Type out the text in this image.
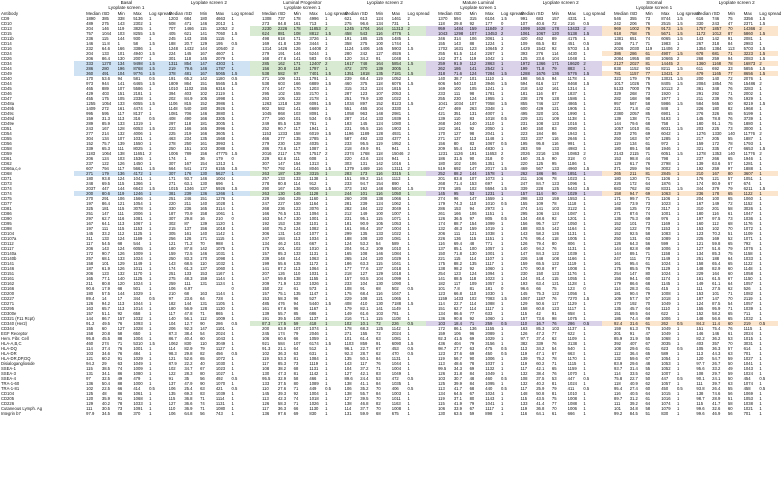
		Basal					Lyoplate screen 2						Luminal Progenitor					Lyoplate screen 2						Mature Luminal					Lyoplate screen 2						Stromal					Lyoplate screen 2				
		Lyoplate screen 1											Lyoplate screen 1											Lyoplate screen 1											Lyoplate screen 1									
Antibody		Median	rSD	Min	Max	Log spread	Median	rSD	Min	Max	Log spread		Median	rSD	Min	Max	Log spread	Median	rSD	Min	Max	Log spread		Median	rSD	Min	Max	Log spread	Median	rSD	Min	Max	Log spread		Median	rSD	Min	Max	Log spread	Median	rSD	Min	Max	Log spread
CD9		1890	385	338	5136	1	1203	684	180	4663	1		1308	737	178	4996	1	621	613	124	1461	2		1370	594	315	6104	1.5	991	683	157	4331	1		546	355	73	8744	1.5	616	746	75	3356	1.5
CD10		489	275	143	2302	1	508	471	146	2013	1		273	84.8	161	713	1	275	96.6	134	731	1		118	29.8	92	177	0	107	40.6	72	216	0.5		242	206	76	2515	1.5	330	243	47	2371	1.5
CD13		204	146	119	3825	1	707	1466	115	12052	2		2230	2226	178	11853	2	1245	1704	164	11313	2		959	1484	159	11849	2	1099	1628	178	13433	2		969	1002	79	9173	1.5	1757	1857	70	14366	2
CD15		757	1044	103	8255	1.5	405	621	141	7050	1.5		624	881	108	8812	1.5	458	543	116	4776	1		1043	1298	107	13453	2	1061	1067	120	5138	1.5		618	758	75	5671	1.5	1172	1012	87	5860	1.5
CD11b		236	115	144	930	1	245	143	155	1115	1		498	618	171	3726	1	191	185	125	1485	1		346	314	106	3061	1	420	452	89	4175	1		1381	651	74	6065	1.5	143	142	91	2081	1
CD14		146	11.8	1	58	1.5	188	20.7	129	195	0.5		169	41.8	139	3444	1	358	275	100	1744	1		155	143	88	1224	1	109	65.5	82	451	0.5		156	71.7	71	1983	1	267	318	84	2983	1
CD16		232	64.6	166	3386	1	1248	1432	144	10540	2		1314	1426	126	14408	2	1124	1406	145	5903	1.5		1702	1631	123	10645	2	1429	1542	92	5703	1.5		2026	2030	119	11406	2	1354	1384	113	5703	1.5
CD24		204	133	101	4940	1.5	224	145	167	4607	1		279	191	144	5244	1	280	242	127	4926	1		255	61.5	114	2267	1	393	276	114	4430	1		386	286	61	4907	1.5	678	681	71	3223	1.5
CD26		206	86.4	130	2007	1	301	118	145	2079	1		168	47.6	141	583	0.5	120	34.2	91	1048	1		142	37.1	119	1042	1	125	23.6	104	1048	1		2084	1955	80	10665	2	268	259	94	2083	1.5
CD34		333	1270	134	9498	1.5	1311	854	147	4303	1		285	162	171	12407	2	1617	748	164	5854	1.5		259	91.9	112	2863	1	1972	1366	171	18620	2		2127	2027	81	14445	2	1360	1168	78	16873	2
CD44		286	280	196	8768	1.5	219	79.6	146	1787	1		156	30.8	119	1797	1	472	370	139	3005	1		262	186	141	2542	1	199	71.8	79	883	1		838	1152	93	8211	1.5	611	692	33	5855	1.5
CD49		360	491	104	9776	1.5	378	481	167	5065	1.5		538	582	97	7401	1.5	1351	1818	135	7181	1.5		318	71.6	124	7284	1.5	1288	1676	136	5776	1.5		781	1157	77	13421	2	479	1165	77	8656	1.5
CD40		170	53.6	94	581	0.5	191	65.2	142	1180	0.5		271	109	131	1791	1	239	68.4	119	1052	1		140	38.7	101	1110	1	198	56.5	94	1178	1		323	179	79	13021	1.5	200	140	72	2076	1
CD44		973	944	141	6465	1.5	1809	864	151	5565	1.5		538	603	166	6889	1.5	460	375	118	6076	1.5		606	540	110	3946	1.5	594	616	117	8468	1.5		1017	1026	75	8405	1.5	2084	1854	76	15486	2
CD45		465	889	107	5586	1	1010	1102	155	6316	1		274	147	170	1203	1	315	312	124	1815	1		169	100	105	1241	1	218	142	161	1314	1		5133	7000	79	10113	2	361	348	76	3283	1
CD46		429	403	151	2181	1	394	403	102	2119	1		295	102	155	2170	1	287	123	107	2053	1		233	111	98	1781	1	181	116	87	1837	1		329	268	73	1920	1	291	292	71	2002	1
CD47		455	175	105	2338	1	202	84.9	105	1998	1		263	105	122	2178	1	251	79.9	130	1022	1		255	230	124	1955	1	238	178	128	1586	1		282	168	98	1977	1	211	239	76	1929	1
CD48a		1255	1054	133	6055	1.5	1106	815	152	3986	1		1263	1218	128	6091	1.5	1034	897	152	8123	1.5		1041	1034	107	7058	1.5	855	746	127	4865	1		957	567	58	5986	1.5	584	565	60	8219	1.5
CD49b		1409	272	161	4474	1	1148	540	180	3926	1		802	582	141	6669	1	551	455	104	3330	1		427	469	263	3348	1	600	429	121	1905	1		221	71.8	42	848	1	226	180	82	1968	1
CD49c		995	595	117	8137	1	1081	706	146	3880	1		1045	868	103	8091	1	1058	963	148	2981	1		421	351	131	4007	1	495	320	101	1990	1		2380	2057	85	6901	1	276	326	65	5199	1
CD49d		159	31.3	113	316	0.5	408	490	166	3305	1		277	160	101	534	0.5	287	214	133	1939	1		139	110	83	1018	0.5	229	131	109	1138	1		139	138	71	5193	1	145	78.8	76	3739	1
CD49e		289	85.9	133	1319	1	297	118	181	3005	1		249	85.5	138	761	1	183	145	124	1080	1		268	240	140	2110	1	231	108	123	1016	1		144	79.6	68	758	1	180	91.1	75	1880	1
CD51		243	167	128	6053	1.5	223	166	165	3996	1		252	90.7	117	1941	1	231	95.5	116	1903	1		182	161	92	2050	1	190	150	83	2080	1		1057	1010	81	6031	1.5	203	225	73	3000	1
CD54		277	214	132	4006	1	225	219	166	3605	1		1153	1233	158	6019	1.5	1196	1189	128	4931	1		170	127	98	2041	1	223	184	86	1943	1		329	276	69	6042	1	1276	1330	140	11776	2
CD55		304	134	107	1031	1	463	234	135	1568	1		466	277	135	2785	1	587	492	133	4377	1		271	137	113	1148	1	333	237	116	2646	1		250	163	57	1285	1	217	205	55	1887	1
CD56		152	75.7	139	1550	1	278	250	161	3993	1		279	230	128	4035	1	233	95.5	119	1952	1		156	80	83	1067	0.5	195	95.8	116	991	1		119	134	61	972	1	159	172	78	1793	1
CD58		339	65.3	111	8025	1	250	151	103	3088	1		286	73.6	117	1087	1	218	49.9	91	941	1		209	55.4	113	4830	1	283	59	133	4983	1		180	89.1	58	1946	1	321	335	47	6653	1.5
CD59		1183	1064	138	11651	2	1006	789	156	47775	1.5		2016	2117	178	17517	2	2374	1768	118	15046	2		1231	1126	191	11653	2	2026	2216	136	10863	2		2143	2115	71	6051	1.5	1278	1353	140	11776	2
CD61		206	124	103	1536	1	174	1	36	179	0		229	62.6	111	608	1	220	43.6	124	941	1		186	31.5	90	318	0	160	31.5	90	318	0		153	98.8	44	798	1	237	266	65	1946	1
CD62		237	122	126	1450	1	307	167	154	1313	1		307	147	154	1313	1	303	131	142	1016	1		180	102	106	1351	1	220	125	95	1186	1		129	61.7	76	2798	1	139	63.6	57	1281	1
CD66a,c,e		607	794	117	5661	1.5	564	541	172	6155	1.5		767	792	141	8046	1.5	1379	1469	116	13111	2		519	692	147	2017	1.5	469	567	133	4960	1.5		371	259	94	3002	1	192	259	97	1888	1
CD68		271	179	136	4172	1	307	176	130	5627	1		263	187	139	3315	1	283	173	116	3315	1		252	88.2	144	1578	1	262	186	96	1851	1		265	211	81	2845	1	210	167	80	3607	1
CD71		180	93.8	124	1041	1	171	93.7	146	1004	1		257	133	133	1138	1	151	89.2	114	1113	1		201	83.8	107	1073	1	211	106	78	1023	1		180	120	71	1106	1	176	121	57	1051	1
CD73		248	69.5	115	1366	1	271	63.1	130	696	1		278	80.8	114	912	1	233	94.7	154	890	1		268	71.4	153	697	1	247	84.7	123	1096	1		226	172	64	1876	1	174	80.9	67	674	1
CD74		2037	447	144	6643	1.5	1015	1346	137	5926	1.5		290	167	136	9026	1.5	373	192	148	5804	1.5		378	185	102	5594	1.5	339	228	125	5443	1.5		683	762	82	8331	1.5	344	379	79	6211	1.5
CD74		200	80.6	119	1246	1	381	239	136	1266	1		263	130	145	1128	1	244	101	116	1050	1		145	95	53	1231	1	157	114	90	1029	1		158	94.7	69	1063	1	236	178	65	1122	1
CD75		270	291	106	1566	1	251	246	151	1276	1		229	156	129	1160	1	260	208	138	1066	1		274	96	147	1559	1	298	133	159	1553	1		171	99.7	71	1106	1	204	100	65	1060	1
CD77		197	86.4	121	1054	1	220	211	140	1028	1		247	227	150	1164	1	281	239	124	1062	1		179	74.3	110	1010	0.5	155	109	78	1118	1		142	73.9	73	1023	1	167	149	72	1152	1
CD81		325	181	115	3078	1	330	236	165	3114	1		268	236	123	3076	1	282	184	122	3049	1		286	153	94	2973	1	274	141	103	3122	1		186	125	72	3117	1	310	201	58	3026	1
CD86		251	147	111	2006	1	187	70.9	158	1061	1		166	76.5	131	1094	1	212	149	100	1007	1		261	166	106	1151	1	295	106	124	1087	1		271	87.6	74	1001	1	180	116	61	1047	1
CD90		297	62.7	116	1081	1	307	29.8	16	210	0		163	54.7	130	1001	1	231	95.1	115	1071	1		126	36.5	97	805	0.5	134	48.6	92	1201	1		136	75.3	69	976	1	197	97.5	73	1036	1
CD95		167	64.1	113	1067	1	302	87	139	1120	1		192	153	138	1101	1	181	90.9	105	1053	1		174	88.7	154	1099	1	156	95.7	127	1050	1		152	101	73	1169	1	160	112	68	1176	1
CD98		197	111	115	1153	1	215	137	156	1018	1		160	75.2	124	1082	1	161	86.4	157	1004	1		132	48.3	159	1019	1	188	83.5	142	1164	1		162	122	70	1153	1	153	102	70	1072	1
CD104		145	33.2	112	1125	1	305	161	140	1142	1		306	131	143	1077	1	299	135	133	1022	1		206	111	121	1038	1	143	58.2	126	1131	1		152	92.5	58	1083	1	123	70.2	51	1109	1
CD107a		311	133	124	1169	1	256	126	171	1115	1		247	184	113	1034	1	188	108	120	1081	1		226	136	115	1151	1	176	95.4	118	1005	1		250	131	63	1089	1	225	169	52	1071	1
CD112		117	54.5	68	544	1	121	71.2	70	988	1		134	46.2	101	667	1	124	53.2	54	589	1		116	69.4	48	771	1	126	79.4	80	806	1		126	64.3	56	599	1	121	59.8	65	792	1
CD117		206	143	124	6055	1	180	87.8	142	1075	1		175	101	102	1010	1	204	91.2	109	1010	1		137	85.1	100	1057	1	140	94.2	76	1131	1		144	82.8	69	1006	1	127	51.6	79	1076	1
CD140a		172	90.7	126	1009	1	159	72.5	146	1031	1		157	85.3	133	1131	1	165	108	146	1084	1		150	71.8	130	1001	1	147	84.3	122	1039	1		144	89.1	71	1158	1	134	85.3	75	1158	1
CD140b		257	68.1	133	1024	1	250	83.3	170	1098	1		239	148	114	1063	1	265	124	120	1029	1		221	115	114	1107	1	226	148	108	1166	1		247	111	73	1149	1	251	188	64	1033	1
CD141		158	101	129	1149	1	143	68.5	110	1032	1		199	55.6	135	1172	1	186	63.3	115	1041	1		175	88.2	135	1117	1	159	65.5	122	1119	1		161	95.4	61	1024	1	158	65.4	65	1122	1
CD146		187	61.9	126	1011	1	174	61.3	137	1060	1		141	87.2	113	1064	1	177	77.6	137	1018	1		138	98.2	92	1060	1	170	90.8	97	1008	1		175	85.5	79	1129	1	148	82.9	60	1148	1
CD151		206	123	132	1170	1	251	133	153	1167	1		207	126	110	1031	1	218	127	129	1018	1		254	123	124	1094	1	230	150	123	1176	1		254	147	80	1024	1	229	164	60	1058	1
CD161		165	77.1	140	1125	1	275	48.3	159	1144	1		147	59.8	138	1155	1	157	93.5	104	1099	1		141	88.5	118	1023	1	124	81.4	115	1055	1		156	94.1	60	1174	1	161	61.5	67	1150	1
CD162		211	80.8	120	1024	1	259	111	131	1124	1		209	71.9	123	1026	1	233	104	130	1090	1		182	117	109	1057	1	193	63.4	121	1128	1		179	86.6	68	1145	1	149	61.1	64	1057	1
CD166		90.6	17.9	68	501	1	106	6.97			0		150	22	61	573	1	108	91	68	502	0.5		101	7.8	81	181	0	96.6	66	75	123	0		114	28.3	61	415	1	111	27.5	62	526	1
CD200		180	57.5	144	1029	1	210	68	163	1144	1		157	75.1	135	1147	1	175	68.4	116	1047	1		123	66.8	110	1030	1	145	75.3	122	1056	1		181	90.4	79	1008	1	153	101	71	1082	1
CD227		89.4	14	17	344	0.5	97	23.6	64	728	1		153	58.3	96	527	1	229	108	121	1065	1		1159	1433	102	7083	1.5	1067	1187	76	7270	1.5		109	57.7	57	1018	1	187	147	70	2119	1
CD271		126	94.2	113	1044	1	182	144	131	1105	1		485	476	94	5440	1.5	408	410	130	7188	1.5		114	22.7	114	1088	1	129	50.6	117	1129	1		170	192	70	1049	1	124	87.5	54	1057	1
CD295		163	65.7	113	1014	1	180	56.9	128	1130	1		161	67.6	96	1167	1	179	82.1	141	1149	1		151	62.7	114	1117	1	158	60.8	123	1117	1		135	45.7	64	1110	1	155	95.9	71	1039	1
CD300e		157	51.1	92	658	1	117	47.8	71	865	1		139	55.7	85	686	1	149	61.6	103	781	1		134	86.6	77	633	1	115	42	91	658	1		151	69.5	64	622	1	152	58.2	65	711	1
CD321 (F11 Rcpt)		144	86.7	157	1032	1	140	56.1	112	1009	1		191	39.5	108	1137	1	216	71.1	115	1108	1		136	90.8	92	1060	1	157	73.6	98	1075	1		186	74.4	69	1006	1	148	56.6	65	1032	1
CD340 (Her2)		91.2	49.5	76	1093	1	104	12.7	90	286	0.5		87.3	17.5	59	418	1	102	10.1	72	226	0.5		103	18.4	71	259	0.5	110	16.7	76	286	0.5		92.4	31.6	61	262	0.5	84.2	11.4	60	219	0.5
CD344		155	60	127	1028	1	206	92.3	147	1101	1		200	63.9	107	1074	1	178	68.3	125	1142	1		172	86.1	136	1155	1	163	85.3	103	1137	1		159	61.3	76	1049	1	151	75.4	76	1115	1
EGF Receptor		158	20.8	58	650	1	87.3	38.4	54	2024	1		245	174	79	2046	1	271	155	72	2024	1		159	106	96	2089	1	126	47.2	77	622	1		201	91	47	1049	1	146	146	61	2024	1
Hem. Fibr. Cell		95.8	45.5	88	1004	1	86.7	40.4	60	1043	1		106	60.6	66	1059	1	101	61.4	63	1081	1		92.3	41.5	69	1029	1	97.7	37.4	62	1109	1		85.9	31.9	55	1068	1	82.2	36.2	53	1015	1
HLA-A,B,C		460	274	71	5310	1.5	1062	830	110	3049	1		921	584	107	6174	1.5	1103	859	91	6090	1.5		436	404	79	3156	1	382	339	76	3138	1		392	407	67	3035	1	403	357	70	3031	1
HLA-DQ		114	37.4	76	1001	1	114	82.9	79	1127	1		91.3	21.1	64	512	1	96.1	22.7	67	453	0.5		98.7	27.7	63	475	0.5	113	34.2	54	540	1		108	29.6	61	623	0.5	105	36.3	57	614	1
HLA-DR		103	34.6	76	484	1	98.3	29.8	82	456	0.5		102	36.3	63	631	1	92.3	28.7	62	470	0.5		123	37.6	69	450	0.5	119	47.1	67	663	1		112	36.4	65	589	1	113	44.3	63	701	1
HLA-DR,DP,DQ		121	60.2	91	1029	1	121	52.6	65	1072	1		119	53.3	81	1084	1	135	50.1	84	1131	1		119	56.7	90	1006	1	139	75.2	78	1170	1		132	59.6	67	1054	1	120	54.7	59	1027	1
Disialoganglioside		94.2	29	63	1049	1	87.9	22.2	40	1030	1		117	85.3	73	1119	1	143	117	76	1044	1		113	48.6	78	1037	1	119	60.2	71	1115	1		83.9	29.6	48	1053	1	97.7	26.7	50	1041	1
SSEA-1		115	38.5	74	1009	1	102	34.7	67	1023	1		108	38.2	68	1131	1	104	37.2	71	1004	1		99.5	34.3	69	1132	1	117	42.1	65	1159	1		93.7	31.4	55	1052	1	95.6	33.2	49	1043	1
SSEA-3		131	34.1	86	1080	1	122	28.3	80	1027	1		130	47.3	81	1142	1	127	42.1	83	1049	1		126	31.8	84	1049	1	132	38.4	76	1070	1		114	33.5	62	1007	1	108	29.7	59	1024	1
SSEA-4		97	32.5	49	479	1	91	35	56	492	0.5		95.5	32.9	58	466	1	89.6	24.4	53	472	0.5		103	30.7	48	460	0.5	108	37.5	53	447	0.5		75.8	22.7	50	447	0.5	90.1	24.1	50	454	0.5
TRA-1-60		136	50.4	88	1000	1	137	47.9	90	1070	1		133	37.5	80	1089	1	138	41.1	84	1035	1		125	39.9	84	1095	1	132	40.2	81	1024	1		118	40.9	62	1057	1	111	39.7	63	1074	1
TRA-1-81		102	22.5	66	414	0.5	106	25.4	63	421	0.5		110	27.6	71	449	0.5	106	35.2	70	406	0.5		113	41.7	68	440	0.5	117	25.9	79	411	0.5		95.4	27.4	60	450	0.5	93.8	26.4	55	458	0.5
CD104		125	48	86	1061	1	135	69.3	83	1039	1		145	39.3	92	1004	1	138	55.7	84	1003	1		134	64.5	67	1024	1	148	50.8	81	1010	1		116	40.5	64	1015	1	138	74.6	56	1069	1
CD205		120	35.9	91	1068	1	115	36.8	71	1114	1		113	42.3	74	1018	1	127	39.5	70	1011	1		119	37.1	80	1143	1	115	43.5	75	1008	1		89.7	31.2	61	1016	1	98.7	28.9	51	1053	1
CD226		129	40.2	78	1033	1	127	36.6	74	1131	1		126	58.3	71	1026	1	138	46.8	82	1163	1		115	41.9	79	1041	1	133	41.4	77	1088	1		111	39.2	64	1074	1	115	41.7	58	1038	1
Cutaneous Lymph. Ag		111	30.5	73	1091	1	110	36.9	71	1080	1		117	36.3	66	1130	1	114	37.7	70	1008	1		106	33.9	67	1117	1	119	36.8	70	1006	1		101	34.8	58	1079	1	99.6	32.6	60	1021	1
Integrin b7		97.9	34.5	85	370	1	106	64.8	56	743	1		136	97.6	69	830	1	131	59.9	68	675	1		130	63.5	59	898	1	116	64.1	61	666	1		99.2	84.5	51	830	1	99.6	46.9	56	701	1
